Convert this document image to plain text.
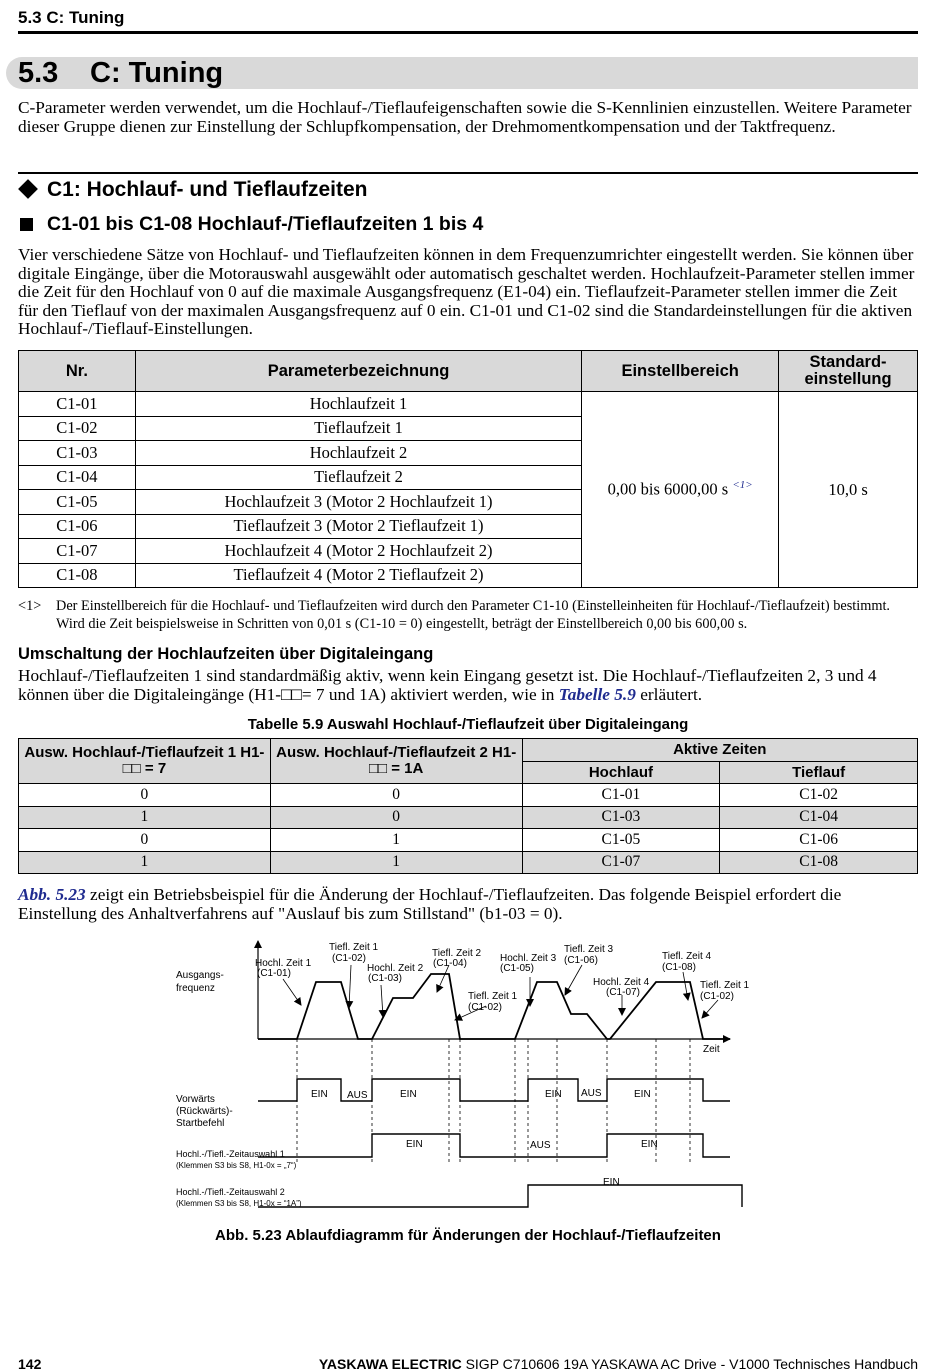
5.3 C: Tuning
5.3 C: Tuning
C-Parameter werden verwendet, um die Hochlauf-/Tieflaufeigenschaften sowie die S-Kennlinien einzustellen. Weitere Parameter dieser Gruppe dienen zur Einstellung der Schlupfkompensation, der Drehmomentkompensation und der Taktfrequenz.
C1: Hochlauf- und Tieflaufzeiten
C1-01 bis C1-08 Hochlauf-/Tieflaufzeiten 1 bis 4
Vier verschiedene Sätze von Hochlauf- und Tieflaufzeiten können in dem Frequenzumrichter eingestellt werden. Sie können über digitale Eingänge, über die Motorauswahl ausgewählt oder automatisch geschaltet werden. Hochlaufzeit-Parameter stellen immer die Zeit für den Hochlauf von 0 auf die maximale Ausgangsfrequenz (E1-04) ein. Tieflaufzeit-Parameter stellen immer die Zeit für den Tieflauf von der maximalen Ausgangsfrequenz auf 0 ein. C1-01 und C1-02 sind die Standardeinstellungen für die aktiven Hochlauf-/Tieflauf-Einstellungen.
Nr.	Parameterbezeichnung	Einstellbereich	Standard-
einstellung
C1-01	Hochlaufzeit 1	0,00 bis 6000,00 s $^{<1>}$	10,0 s
C1-02	Tieflaufzeit 1		
C1-03	Hochlaufzeit 2		
C1-04	Tieflaufzeit 2		
C1-05	Hochlaufzeit 3 (Motor 2 Hochlaufzeit 1)		
C1-06	Tieflaufzeit 3 (Motor 2 Tieflaufzeit 1)		
C1-07	Hochlaufzeit 4 (Motor 2 Hochlaufzeit 2)		
C1-08	Tieflaufzeit 4 (Motor 2 Tieflaufzeit 2)		
<1> Der Einstellbereich für die Hochlauf- und Tieflaufzeiten wird durch den Parameter C1-10 (Einstelleinheiten für Hochlauf-/Tieflaufzeit) bestimmt. Wird die Zeit beispielsweise in Schritten von 0,01 s (C1-10 = 0) eingestellt, beträgt der Einstellbereich 0,00 bis 600,00 s.
Umschaltung der Hochlaufzeiten über Digitaleingang
Hochlauf-/Tieflaufzeiten 1 sind standardmäßig aktiv, wenn kein Eingang gesetzt ist. Die Hochlauf-/Tieflaufzeiten 2, 3 und 4 können über die Digitaleingänge (H1-□□= 7 und 1A) aktiviert werden, wie in Tabelle 5.9 erläutert.
Tabelle 5.9 Auswahl Hochlauf-/Tieflaufzeit über Digitaleingang
Ausw. Hochlauf-/Tieflaufzeit 1 H1-□□ = 7	Ausw. Hochlauf-/Tieflaufzeit 2 H1-□□ = 1A	Aktive Zeiten	
		Hochlauf	Tieflauf
0	0	C1-01	C1-02
1	0	C1-03	C1-04
0	1	C1-05	C1-06
1	1	C1-07	C1-08
Abb. 5.23 zeigt ein Betriebsbeispiel für die Änderung der Hochlauf-/Tieflaufzeiten. Das folgende Beispiel erfordert die Einstellung des Anhaltverfahrens auf "Auslauf bis zum Stillstand" (b1-03 = 0).
Ausgangs-
frequenz
Zeit
Hochl. Zeit 1
(C1-01)
Tiefl. Zeit 1
(C1-02)
Hochl. Zeit 2
(C1-03)
Tiefl. Zeit 2
(C1-04)
Tiefl. Zeit 1
(C1-02)
Hochl. Zeit 3
(C1-05)
Tiefl. Zeit 3
(C1-06)
Hochl. Zeit 4
(C1-07)
Tiefl. Zeit 4
(C1-08)
Tiefl. Zeit 1
(C1-02)
Vorwärts
(Rückwärts)-
Startbefehl
EIN AUS	EIN	EIN AUS	EIN
Hochl.-/Tiefl.-Zeitauswahl 1
(Klemmen S3 bis S8, H1-0x = „7“)
EIN	AUS	EIN
Hochl.-/Tiefl.-Zeitauswahl 2
(Klemmen S3 bis S8, H1-0x = “1A”)
EIN
Abb. 5.23 Ablaufdiagramm für Änderungen der Hochlauf-/Tieflaufzeiten
142	YASKAWA ELECTRIC SIGP C710606 19A YASKAWA AC Drive - V1000 Technisches Handbuch
